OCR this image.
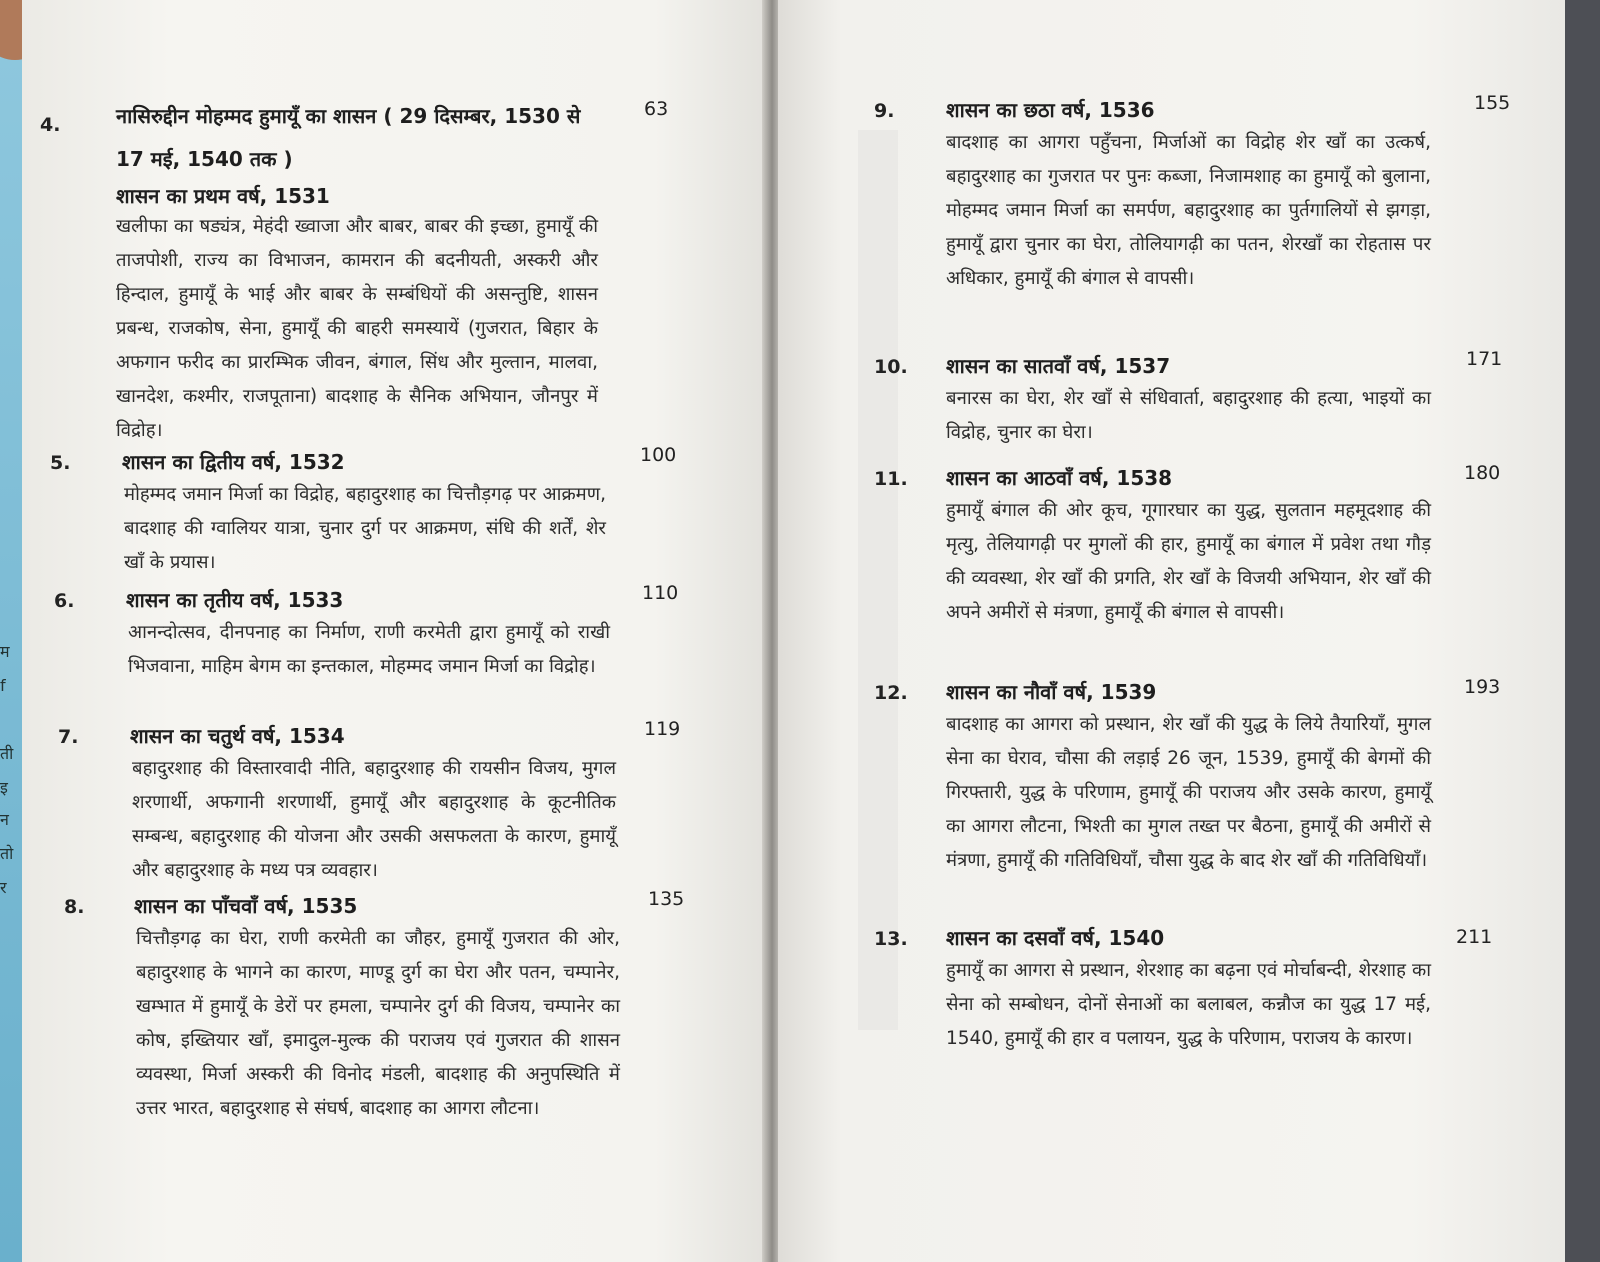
म
f
ती
इ
न
तो
र
4.	नासिरुद्दीन मोहम्मद हुमायूँ का शासन ( 29 दिसम्बर, 1530 से	63
17 मई, 1540 तक )
शासन का प्रथम वर्ष, 1531
खलीफा का षड्यंत्र, मेहंदी ख्वाजा और बाबर, बाबर की इच्छा, हुमायूँ की ताजपोशी, राज्य का विभाजन, कामरान की बदनीयती, अस्करी और हिन्दाल, हुमायूँ के भाई और बाबर के सम्बंधियों की असन्तुष्टि, शासन प्रबन्ध, राजकोष, सेना, हुमायूँ की बाहरी समस्यायें (गुजरात, बिहार के अफगान फरीद का प्रारम्भिक जीवन, बंगाल, सिंध और मुल्तान, मालवा, खानदेश, कश्मीर, राजपूताना) बादशाह के सैनिक अभियान, जौनपुर में विद्रोह।
5.	शासन का द्वितीय वर्ष, 1532	100
मोहम्मद जमान मिर्जा का विद्रोह, बहादुरशाह का चित्तौड़गढ़ पर आक्रमण, बादशाह की ग्वालियर यात्रा, चुनार दुर्ग पर आक्रमण, संधि की शर्तें, शेर खाँ के प्रयास।
6.	शासन का तृतीय वर्ष, 1533	110
आनन्दोत्सव, दीनपनाह का निर्माण, राणी करमेती द्वारा हुमायूँ को राखी भिजवाना, माहिम बेगम का इन्तकाल, मोहम्मद जमान मिर्जा का विद्रोह।
7.	शासन का चतुर्थ वर्ष, 1534	119
बहादुरशाह की विस्तारवादी नीति, बहादुरशाह की रायसीन विजय, मुगल शरणार्थी, अफगानी शरणार्थी, हुमायूँ और बहादुरशाह के कूटनीतिक सम्बन्ध, बहादुरशाह की योजना और उसकी असफलता के कारण, हुमायूँ और बहादुरशाह के मध्य पत्र व्यवहार।
8. शासन का पाँचवाँ वर्ष, 1535	135
चित्तौड़गढ़ का घेरा, राणी करमेती का जौहर, हुमायूँ गुजरात की ओर, बहादुरशाह के भागने का कारण, माण्डू दुर्ग का घेरा और पतन, चम्पानेर, खम्भात में हुमायूँ के डेरों पर हमला, चम्पानेर दुर्ग की विजय, चम्पानेर का कोष, इख्तियार खाँ, इमादुल-मुल्क की पराजय एवं गुजरात की शासन व्यवस्था, मिर्जा अस्करी की विनोद मंडली, बादशाह की अनुपस्थिति में उत्तर भारत, बहादुरशाह से संघर्ष, बादशाह का आगरा लौटना।
9.	शासन का छठा वर्ष, 1536	155
बादशाह का आगरा पहुँचना, मिर्जाओं का विद्रोह शेर खाँ का उत्कर्ष, बहादुरशाह का गुजरात पर पुनः कब्जा, निजामशाह का हुमायूँ को बुलाना, मोहम्मद जमान मिर्जा का समर्पण, बहादुरशाह का पुर्तगालियों से झगड़ा, हुमायूँ द्वारा चुनार का घेरा, तोलियागढ़ी का पतन, शेरखाँ का रोहतास पर अधिकार, हुमायूँ की बंगाल से वापसी।
10. शासन का सातवाँ वर्ष, 1537	171
बनारस का घेरा, शेर खाँ से संधिवार्ता, बहादुरशाह की हत्या, भाइयों का विद्रोह, चुनार का घेरा।
11. शासन का आठवाँ वर्ष, 1538	180
हुमायूँ बंगाल की ओर कूच, गूगारघार का युद्ध, सुलतान महमूदशाह की मृत्यु, तेलियागढ़ी पर मुगलों की हार, हुमायूँ का बंगाल में प्रवेश तथा गौड़ की व्यवस्था, शेर खाँ की प्रगति, शेर खाँ के विजयी अभियान, शेर खाँ की अपने अमीरों से मंत्रणा, हुमायूँ की बंगाल से वापसी।
12. शासन का नौवाँ वर्ष, 1539	193
बादशाह का आगरा को प्रस्थान, शेर खाँ की युद्ध के लिये तैयारियाँ, मुगल सेना का घेराव, चौसा की लड़ाई 26 जून, 1539, हुमायूँ की बेगमों की गिरफ्तारी, युद्ध के परिणाम, हुमायूँ की पराजय और उसके कारण, हुमायूँ का आगरा लौटना, भिश्ती का मुगल तख्त पर बैठना, हुमायूँ की अमीरों से मंत्रणा, हुमायूँ की गतिविधियाँ, चौसा युद्ध के बाद शेर खाँ की गतिविधियाँ।
13. शासन का दसवाँ वर्ष, 1540	211
हुमायूँ का आगरा से प्रस्थान, शेरशाह का बढ़ना एवं मोर्चाबन्दी, शेरशाह का सेना को सम्बोधन, दोनों सेनाओं का बलाबल, कन्नौज का युद्ध 17 मई, 1540, हुमायूँ की हार व पलायन, युद्ध के परिणाम, पराजय के कारण।
